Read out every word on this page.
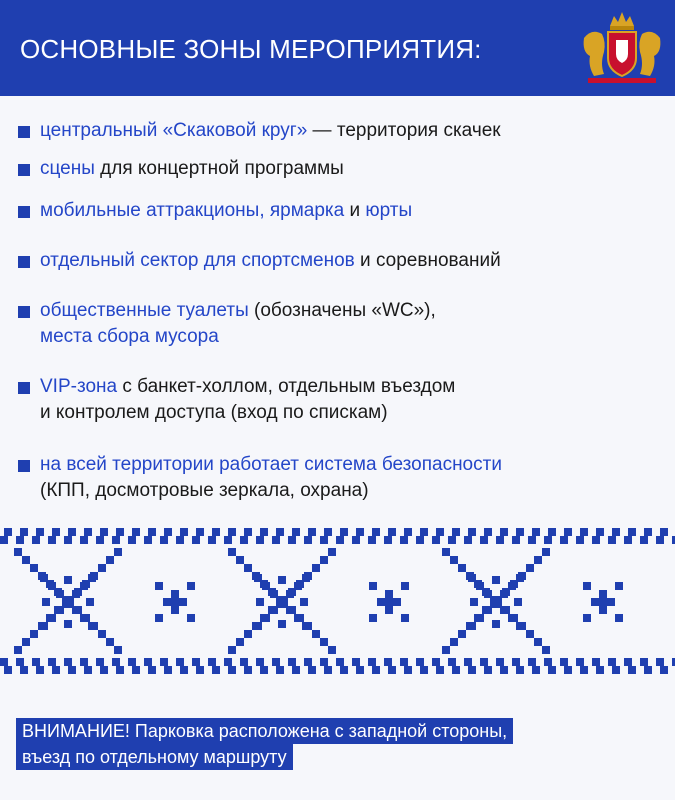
ОСНОВНЫЕ ЗОНЫ МЕРОПРИЯТИЯ:
центральный «Скаковой круг» — территория скачек
сцены для концертной программы
мобильные аттракционы, ярмарка и юрты
отдельный сектор для спортсменов и соревнований
общественные туалеты (обозначены «WC»),
места сбора мусора
VIP-зона с банкет-холлом, отдельным въездом
и контролем доступа (вход по спискам)
на всей территории работает система безопасности
(КПП, досмотровые зеркала, охрана)
ВНИМАНИЕ! Парковка расположена с западной стороны,
въезд по отдельному маршруту
